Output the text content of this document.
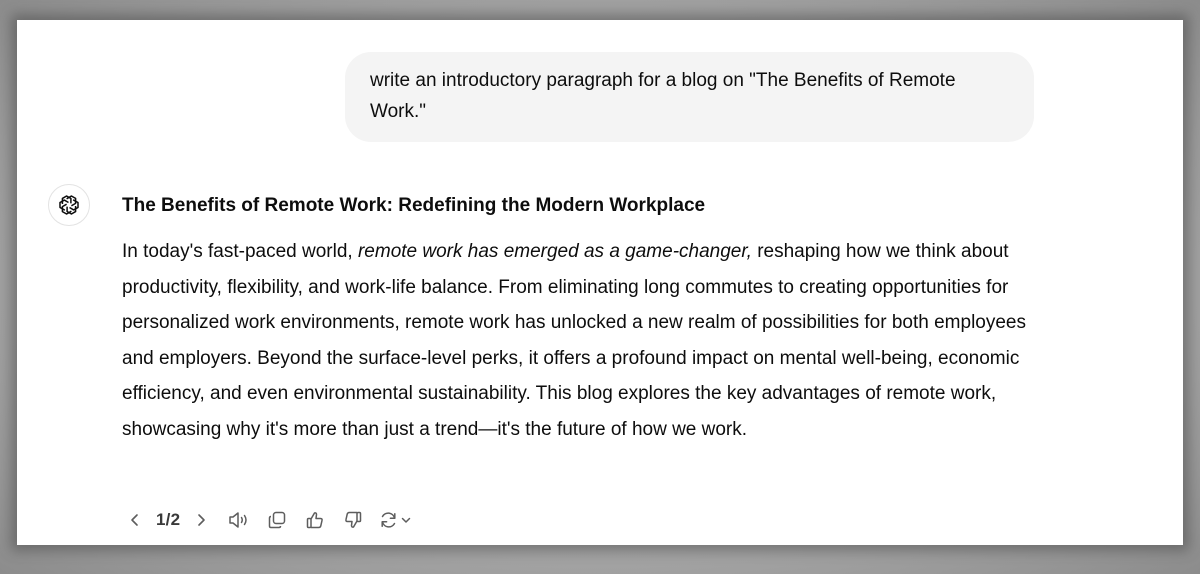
write an introductory paragraph for a blog on "The Benefits of Remote Work."
The Benefits of Remote Work: Redefining the Modern Workplace

In today's fast-paced world, remote work has emerged as a game-changer, reshaping how we think about productivity, flexibility, and work-life balance. From eliminating long commutes to creating opportunities for personalized work environments, remote work has unlocked a new realm of possibilities for both employees and employers. Beyond the surface-level perks, it offers a profound impact on mental well-being, economic efficiency, and even environmental sustainability. This blog explores the key advantages of remote work, showcasing why it's more than just a trend—it's the future of how we work.

1/2
